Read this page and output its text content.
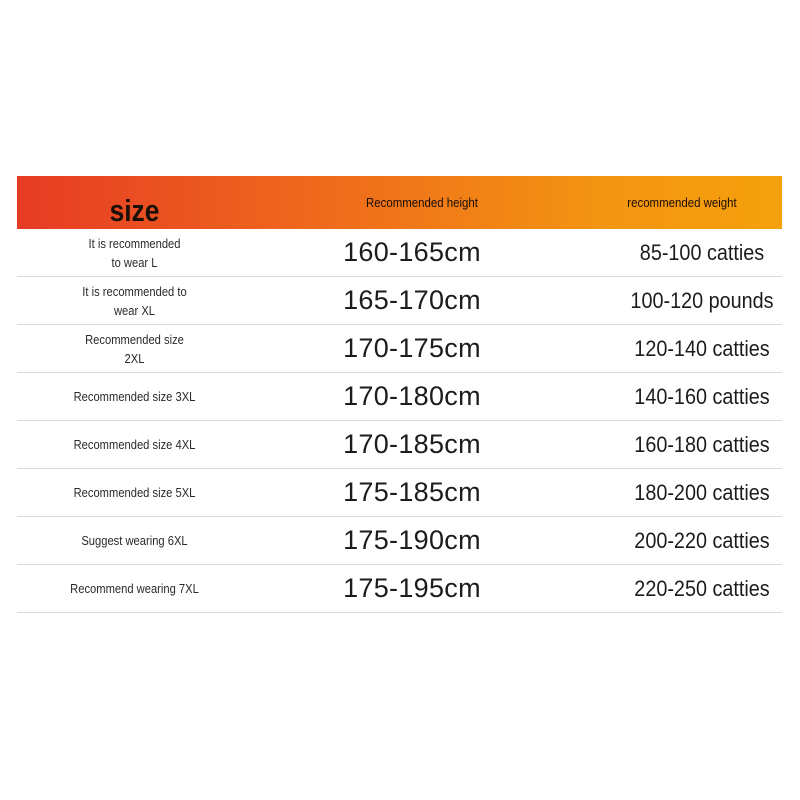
size	Recommended height	recommended weight
It is recommended
to wear L	160-165cm	85-100 catties
It is recommended to
wear XL	165-170cm	100-120 pounds
Recommended size
2XL	170-175cm	120-140 catties
Recommended size 3XL	170-180cm	140-160 catties
Recommended size 4XL	170-185cm	160-180 catties
Recommended size 5XL	175-185cm	180-200 catties
Suggest wearing 6XL	175-190cm	200-220 catties
Recommend wearing 7XL	175-195cm	220-250 catties
